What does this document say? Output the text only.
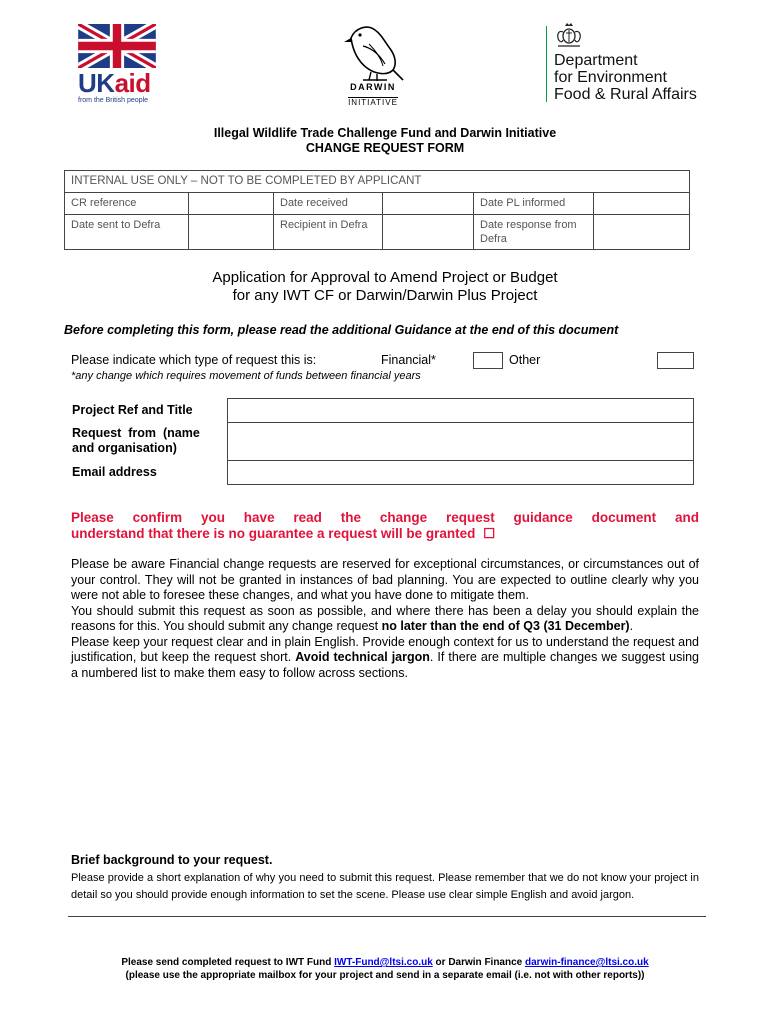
UKaid
from the British people
DARWIN
INITIATIVE
Department
for Environment
Food & Rural Affairs
Illegal Wildlife Trade Challenge Fund and Darwin Initiative
CHANGE REQUEST FORM
INTERNAL USE ONLY – NOT TO BE COMPLETED BY APPLICANT					
CR reference		Date received		Date PL informed	
Date sent to Defra		Recipient in Defra		Date response from Defra	
Application for Approval to Amend Project or Budget
for any IWT CF or Darwin/Darwin Plus Project
Before completing this form, please read the additional Guidance at the end of this document
Please indicate which type of request this is:	Financial*	Other
*any change which requires movement of funds between financial years
Project Ref and Title
Request  from  (name
and organisation)
Email address
Please  confirm  you  have  read  the  change  request  guidance  document  and
understand that there is no guarantee a request will be granted ☐

Please be aware Financial change requests are reserved for exceptional circumstances, or circumstances out of your control. They will not be granted in instances of bad planning. You are expected to outline clearly why you were not able to foresee these changes, and what you have done to mitigate them.

You should submit this request as soon as possible, and where there has been a delay you should explain the reasons for this. You should submit any change request no later than the end of Q3 (31 December).

Please keep your request clear and in plain English. Provide enough context for us to understand the request and justification, but keep the request short. Avoid technical jargon. If there are multiple changes we suggest using a numbered list to make them easy to follow across sections.

Brief background to your request.
Please provide a short explanation of why you need to submit this request. Please remember that we do not know your project in detail so you should provide enough information to set the scene. Please use clear simple English and avoid jargon.
Please send completed request to IWT Fund IWT-Fund@ltsi.co.uk or Darwin Finance darwin-finance@ltsi.co.uk
(please use the appropriate mailbox for your project and send in a separate email (i.e. not with other reports))
